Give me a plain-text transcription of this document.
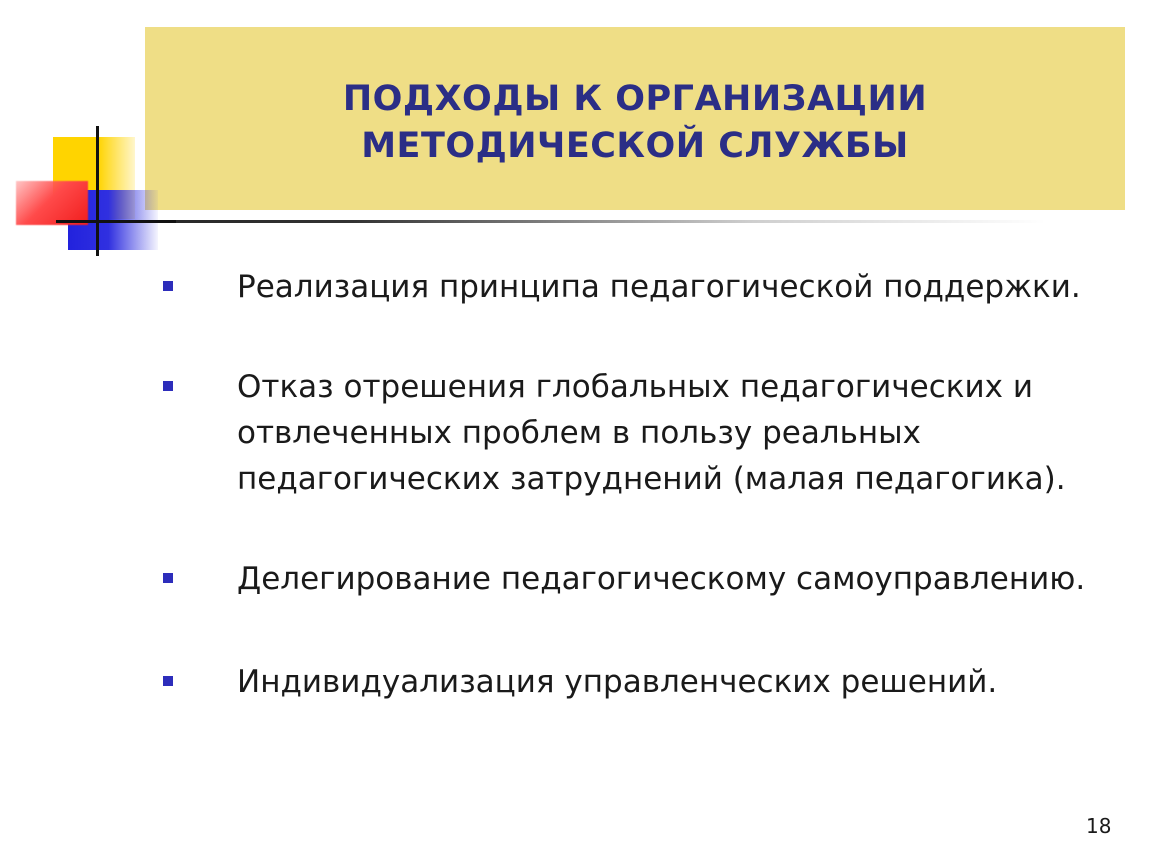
ПОДХОДЫ К ОРГАНИЗАЦИИ МЕТОДИЧЕСКОЙ СЛУЖБЫ
Реализация принципа педагогической поддержки.
Отказ отрешения глобальных педагогических и отвлеченных проблем в пользу реальных педагогических затруднений (малая педагогика).
Делегирование педагогическому самоуправлению.
Индивидуализация управленческих решений.
18
